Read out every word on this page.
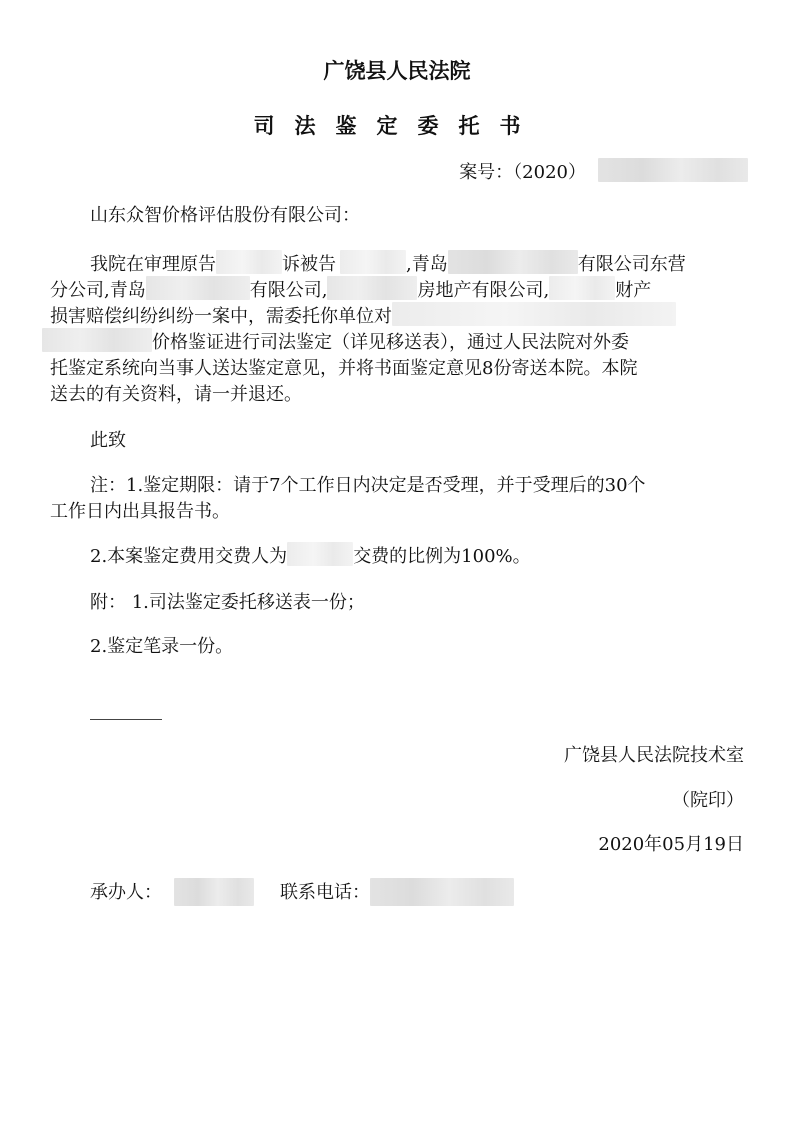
广饶县人民法院
司法鉴定委托书
案号：（2020）
山东众智价格评估股份有限公司：
我院在审理原告	诉被告	,青岛	有限公司东营
分公司,青岛	有限公司,	房地产有限公司,	财产
损害赔偿纠纷纠纷一案中，需委托你单位对
价格鉴证进行司法鉴定（详见移送表），通过人民法院对外委
托鉴定系统向当事人送达鉴定意见，并将书面鉴定意见8份寄送本院。本院
送去的有关资料，请一并退还。
此致
注：1.鉴定期限：请于7个工作日内决定是否受理，并于受理后的30个
工作日内出具报告书。
2.本案鉴定费用交费人为	交费的比例为100%。
附： 1.司法鉴定委托移送表一份；
2.鉴定笔录一份。
广饶县人民法院技术室
（院印）
2020年05月19日
承办人：	联系电话：
